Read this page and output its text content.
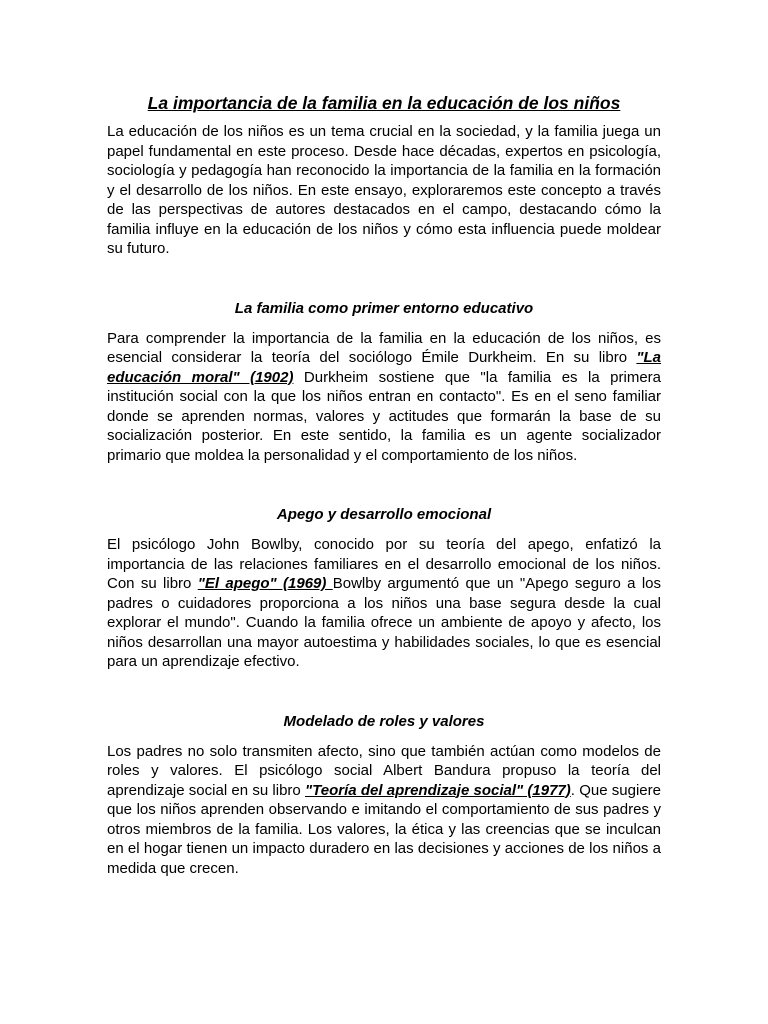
La importancia de la familia en la educación de los niños

La educación de los niños es un tema crucial en la sociedad, y la familia juega un papel fundamental en este proceso. Desde hace décadas, expertos en psicología, sociología y pedagogía han reconocido la importancia de la familia en la formación y el desarrollo de los niños. En este ensayo, exploraremos este concepto a través de las perspectivas de autores destacados en el campo, destacando cómo la familia influye en la educación de los niños y cómo esta influencia puede moldear su futuro.

La familia como primer entorno educativo

Para comprender la importancia de la familia en la educación de los niños, es esencial considerar la teoría del sociólogo Émile Durkheim. En su libro "La educación moral" (1902) Durkheim sostiene que "la familia es la primera institución social con la que los niños entran en contacto". Es en el seno familiar donde se aprenden normas, valores y actitudes que formarán la base de su socialización posterior. En este sentido, la familia es un agente socializador primario que moldea la personalidad y el comportamiento de los niños.

Apego y desarrollo emocional

El psicólogo John Bowlby, conocido por su teoría del apego, enfatizó la importancia de las relaciones familiares en el desarrollo emocional de los niños. Con su libro "El apego" (1969) Bowlby argumentó que un "Apego seguro a los padres o cuidadores proporciona a los niños una base segura desde la cual explorar el mundo". Cuando la familia ofrece un ambiente de apoyo y afecto, los niños desarrollan una mayor autoestima y habilidades sociales, lo que es esencial para un aprendizaje efectivo.

Modelado de roles y valores

Los padres no solo transmiten afecto, sino que también actúan como modelos de roles y valores. El psicólogo social Albert Bandura propuso la teoría del aprendizaje social en su libro "Teoría del aprendizaje social" (1977). Que sugiere que los niños aprenden observando e imitando el comportamiento de sus padres y otros miembros de la familia. Los valores, la ética y las creencias que se inculcan en el hogar tienen un impacto duradero en las decisiones y acciones de los niños a medida que crecen.
